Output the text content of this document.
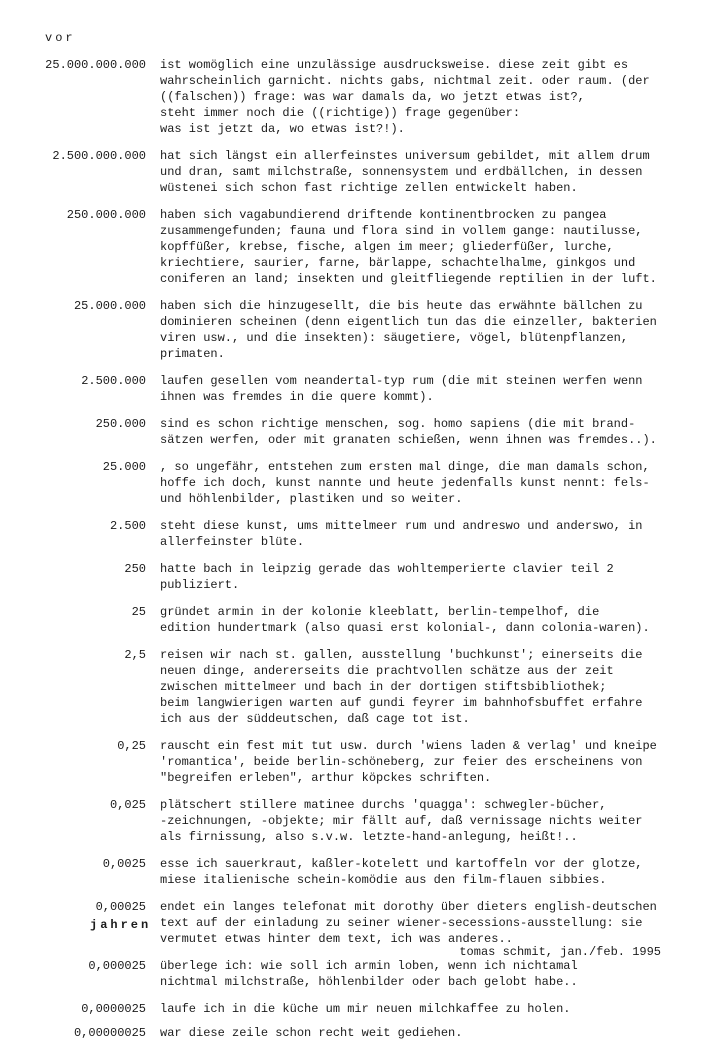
vor
25.000.000.000 ist womöglich eine unzulässige ausdrucksweise. diese zeit gibt es
wahrscheinlich garnicht. nichts gabs, nichtmal zeit. oder raum. (der
((falschen)) frage: was war damals da, wo jetzt etwas ist?,
steht immer noch die ((richtige)) frage gegenüber:
was ist jetzt da, wo etwas ist?!).
2.500.000.000 hat sich längst ein allerfeinstes universum gebildet, mit allem drum
und dran, samt milchstraße, sonnensystem und erdbällchen, in dessen
wüstenei sich schon fast richtige zellen entwickelt haben.
250.000.000 haben sich vagabundierend driftende kontinentbrocken zu pangea
zusammengefunden; fauna und flora sind in vollem gange: nautilusse,
kopffüßer, krebse, fische, algen im meer; gliederfüßer, lurche,
kriechtiere, saurier, farne, bärlappe, schachtelhalme, ginkgos und
coniferen an land; insekten und gleitfliegende reptilien in der luft.
25.000.000 haben sich die hinzugesellt, die bis heute das erwähnte bällchen zu
dominieren scheinen (denn eigentlich tun das die einzeller, bakterien
viren usw., und die insekten): säugetiere, vögel, blütenpflanzen,
primaten.
2.500.000 laufen gesellen vom neandertal-typ rum (die mit steinen werfen wenn
ihnen was fremdes in die quere kommt).
250.000 sind es schon richtige menschen, sog. homo sapiens (die mit brand-
sätzen werfen, oder mit granaten schießen, wenn ihnen was fremdes..).
25.000 , so ungefähr, entstehen zum ersten mal dinge, die man damals schon,
hoffe ich doch, kunst nannte und heute jedenfalls kunst nennt: fels-
und höhlenbilder, plastiken und so weiter.
2.500 steht diese kunst, ums mittelmeer rum und andreswo und anderswo, in
allerfeinster blüte.
250 hatte bach in leipzig gerade das wohltemperierte clavier teil 2
publiziert.
25 gründet armin in der kolonie kleeblatt, berlin-tempelhof, die
edition hundertmark (also quasi erst kolonial-, dann colonia-waren).
2,5 reisen wir nach st. gallen, ausstellung 'buchkunst'; einerseits die
neuen dinge, andererseits die prachtvollen schätze aus der zeit
zwischen mittelmeer und bach in der dortigen stiftsbibliothek;
beim langwierigen warten auf gundi feyrer im bahnhofsbuffet erfahre
ich aus der süddeutschen, daß cage tot ist.
0,25 rauscht ein fest mit tut usw. durch 'wiens laden & verlag' und kneipe
'romantica', beide berlin-schöneberg, zur feier des erscheinens von
"begreifen erleben", arthur köpckes schriften.
0,025 plätschert stillere matinee durchs 'quagga': schwegler-bücher,
-zeichnungen, -objekte; mir fällt auf, daß vernissage nichts weiter
als firnissung, also s.v.w. letzte-hand-anlegung, heißt!..
0,0025 esse ich sauerkraut, kaßler-kotelett und kartoffeln vor der glotze,
miese italienische schein-komödie aus den film-flauen sibbies.
0,00025 endet ein langes telefonat mit dorothy über dieters english-deutschen
text auf der einladung zu seiner wiener-secessions-ausstellung: sie
vermutet etwas hinter dem text, ich was anderes..
0,000025 überlege ich: wie soll ich armin loben, wenn ich nichtamal
nichtmal milchstraße, höhlenbilder oder bach gelobt habe..
0,0000025 laufe ich in die küche um mir neuen milchkaffee zu holen.
0,00000025 war diese zeile schon recht weit gediehen.
jahren
tomas schmit, jan./feb. 1995
